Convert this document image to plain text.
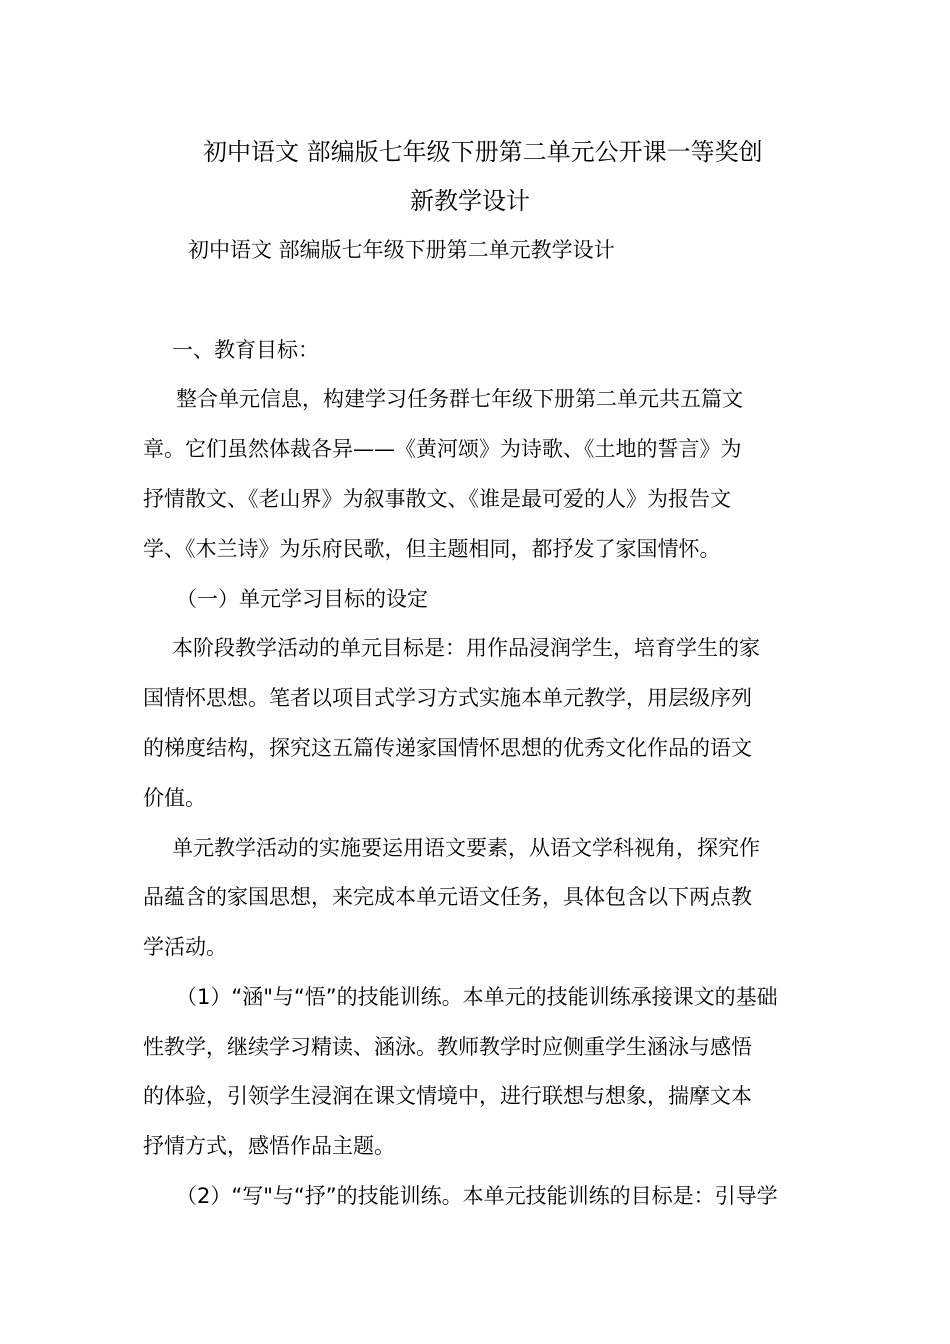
初中语文 部编版七年级下册第二单元公开课一等奖创
新教学设计
初中语文 部编版七年级下册第二单元教学设计
一、教育目标：
整合单元信息，构建学习任务群七年级下册第二单元共五篇文
章。它们虽然体裁各异——《黄河颂》为诗歌、《土地的誓言》为
抒情散文、《老山界》为叙事散文、《谁是最可爱的人》为报告文
学、《木兰诗》为乐府民歌，但主题相同，都抒发了家国情怀。
（一）单元学习目标的设定
本阶段教学活动的单元目标是：用作品浸润学生，培育学生的家
国情怀思想。笔者以项目式学习方式实施本单元教学，用层级序列
的梯度结构，探究这五篇传递家国情怀思想的优秀文化作品的语文
价值。
单元教学活动的实施要运用语文要素，从语文学科视角，探究作
品蕴含的家国思想，来完成本单元语文任务，具体包含以下两点教
学活动。
（1）“涵"与“悟”的技能训练。本单元的技能训练承接课文的基础
性教学，继续学习精读、涵泳。教师教学时应侧重学生涵泳与感悟
的体验，引领学生浸润在课文情境中，进行联想与想象，揣摩文本
抒情方式，感悟作品主题。
（2）“写"与“抒”的技能训练。本单元技能训练的目标是：引导学
